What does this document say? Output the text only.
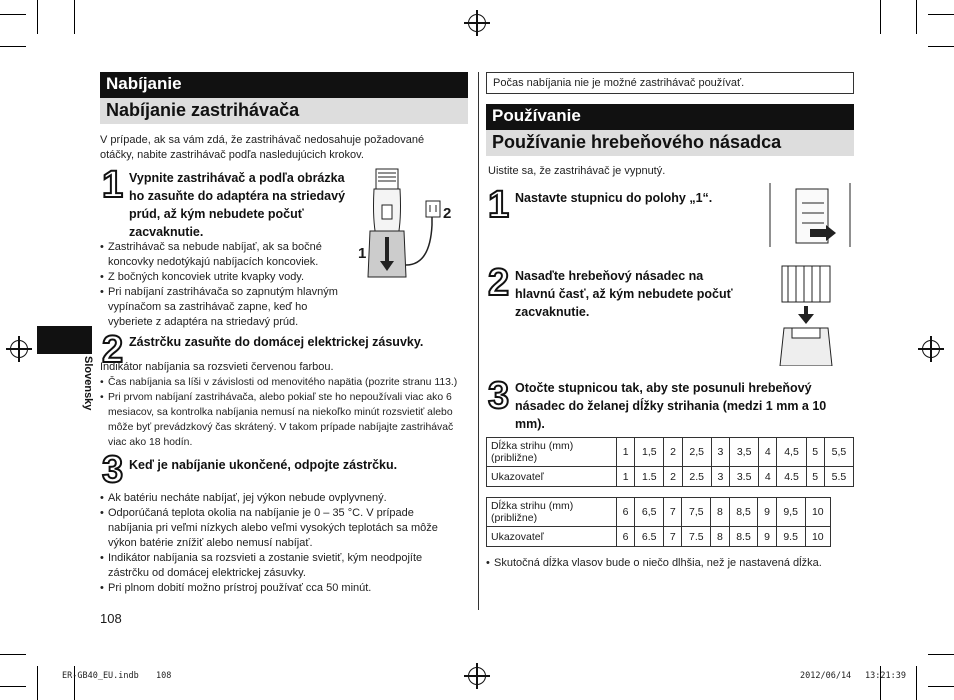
Slovensky
Nabíjanie
Nabíjanie zastrihávača
V prípade, ak sa vám zdá, že zastrihávač nedosahuje požadované otáčky, nabite zastrihávač podľa nasledujúcich krokov.
1 Vypnite zastrihávač a podľa obrázka ho zasuňte do adaptéra na striedavý prúd, až kým nebudete počuť zacvaknutie.
2
1
• Zastrihávač sa nebude nabíjať, ak sa bočné koncovky nedotýkajú nabíjacích koncoviek.
• Z bočných koncoviek utrite kvapky vody.
• Pri nabíjaní zastrihávača so zapnutým hlavným vypínačom sa zastrihávač zapne, keď ho vyberiete z adaptéra na striedavý prúd.
2 Zástrčku zasuňte do domácej elektrickej zásuvky.
Indikátor nabíjania sa rozsvieti červenou farbou.
• Čas nabíjania sa líši v závislosti od menovitého napätia (pozrite stranu 113.)
• Pri prvom nabíjaní zastrihávača, alebo pokiaľ ste ho nepoužívali viac ako 6 mesiacov, sa kontrolka nabíjania nemusí na niekoľko minút rozsvietiť alebo môže byť prevádzkový čas skrátený. V takom prípade nabíjajte zastrihávač viac ako 18 hodín.
3 Keď je nabíjanie ukončené, odpojte zástrčku.
• Ak batériu necháte nabíjať, jej výkon nebude ovplyvnený.
• Odporúčaná teplota okolia na nabíjanie je 0 – 35 °C. V prípade nabíjania pri veľmi nízkych alebo veľmi vysokých teplotách sa môže výkon batérie znížiť alebo nemusí nabíjať.
• Indikátor nabíjania sa rozsvieti a zostanie svietiť, kým neodpojíte zástrčku od domácej elektrickej zásuvky.
• Pri plnom dobití možno prístroj používať cca 50 minút.
108
Počas nabíjania nie je možné zastrihávač používať.
Používanie
Používanie hrebeňového násadca
Uistite sa, že zastrihávač je vypnutý.
1 Nastavte stupnicu do polohy „1“.
2 Nasaďte hrebeňový násadec na hlavnú časť, až kým nebudete počuť zacvaknutie.
3 Otočte stupnicou tak, aby ste posunuli hrebeňový násadec do želanej dĺžky strihania (medzi 1 mm a 10 mm).
Dĺžka strihu (mm) (približne)	1	1,5	2	2,5	3	3,5	4	4,5	5	5,5
Ukazovateľ	1	1.5	2	2.5	3	3.5	4	4.5	5	5.5
Dĺžka strihu (mm) (približne)	6	6,5	7	7,5	8	8,5	9	9,5	10
Ukazovateľ	6	6.5	7	7.5	8	8.5	9	9.5	10
• Skutočná dĺžka vlasov bude o niečo dlhšia, než je nastavená dĺžka.
ER-GB40_EU.indb 108	2012/06/14 13:21:39
